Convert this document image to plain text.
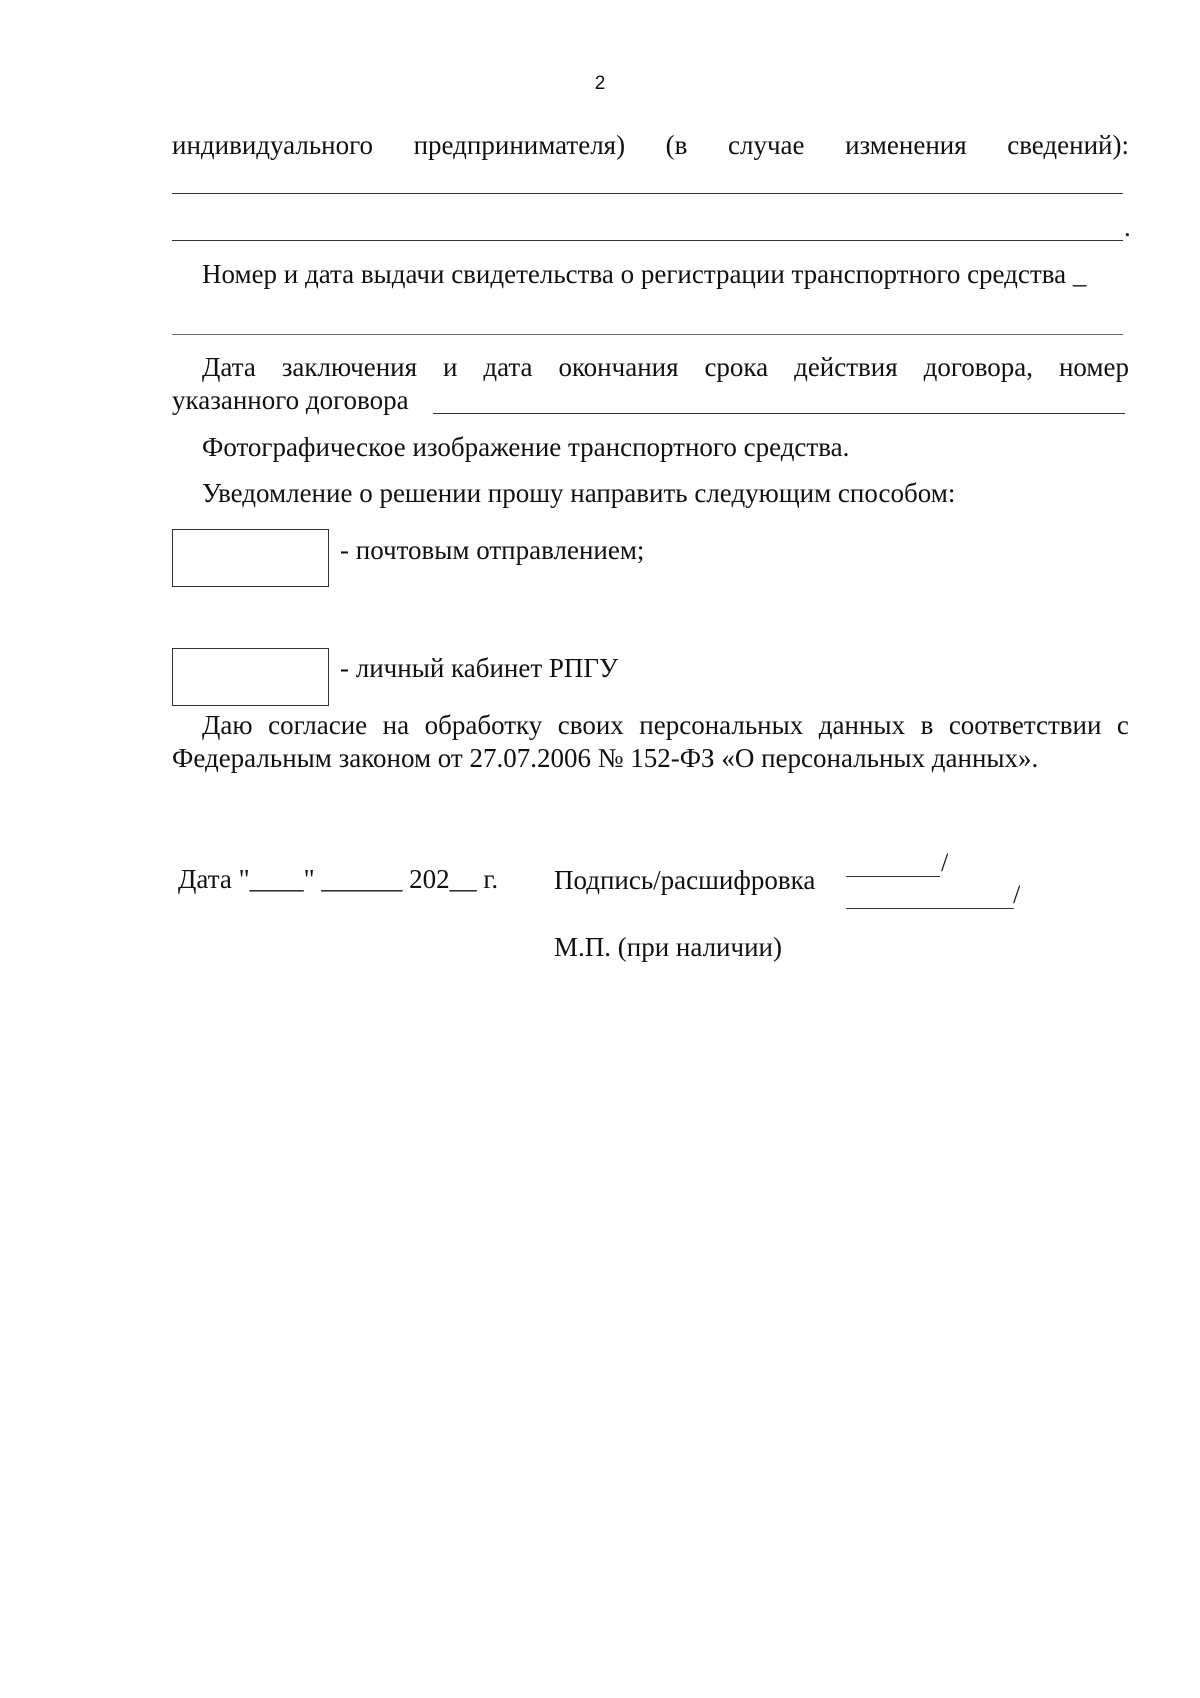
2
индивидуального предпринимателя) (в случае изменения сведений):
.
Номер и дата выдачи свидетельства о регистрации транспортного средства _
Дата заключения и дата окончания срока действия договора, номер
указанного договора
Фотографическое изображение транспортного средства.
Уведомление о решении прошу направить следующим способом:
- почтовым отправлением;
- личный кабинет РПГУ
Даю согласие на обработку своих персональных данных в соответствии с
Федеральным законом от 27.07.2006 № 152-ФЗ «О персональных данных».
Дата "____" ______ 202__ г. Подпись/расшифровка
/
/
М.П. (при наличии)
